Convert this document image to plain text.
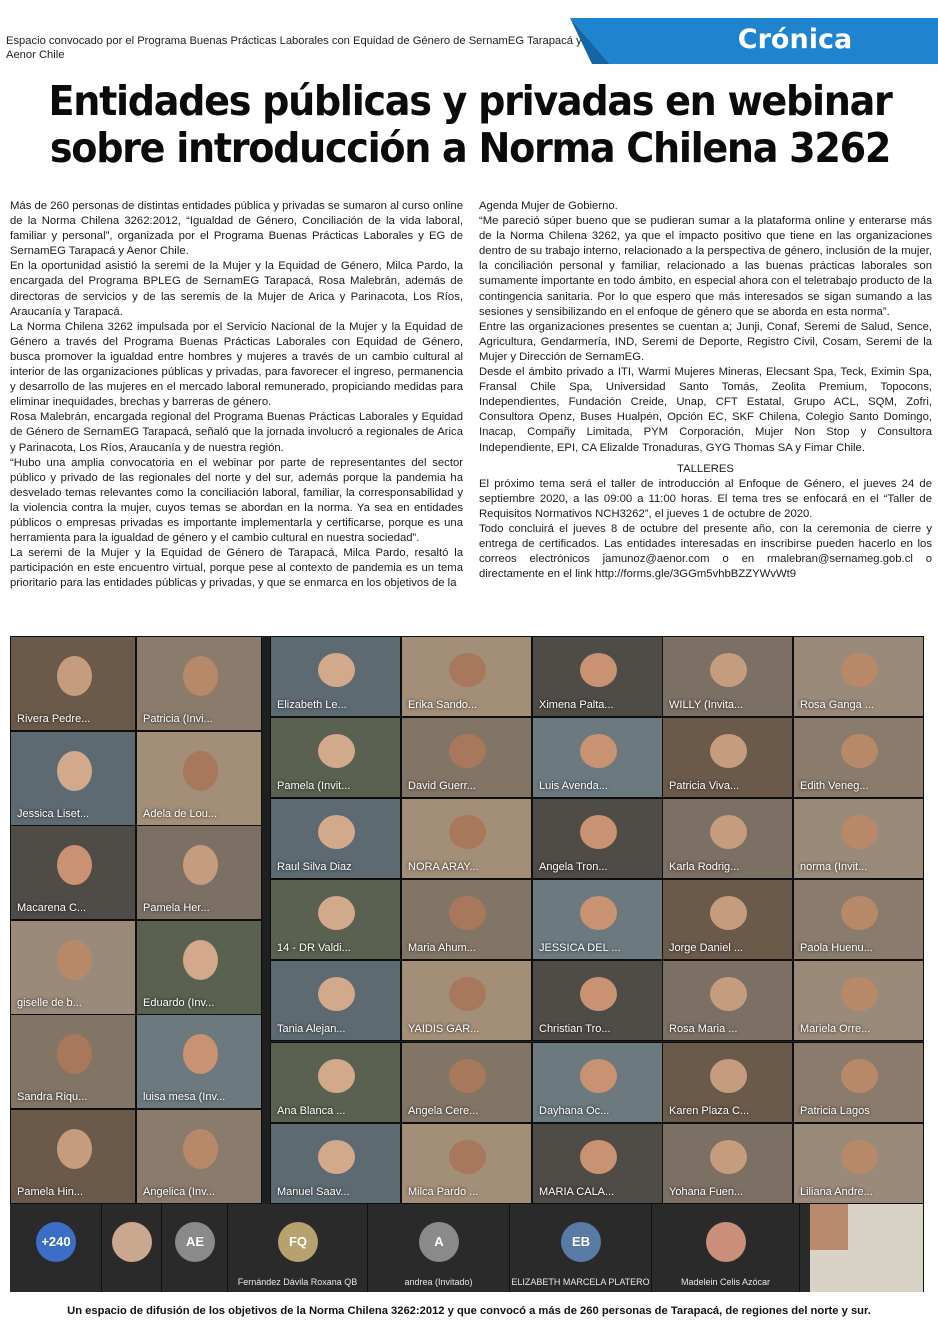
Espacio convocado por el Programa Buenas Prácticas Laborales con Equidad de Género de SernamEG Tarapacá y Aenor Chile	Crónica
Entidades públicas y privadas en webinar
sobre introducción a Norma Chilena 3262

Más de 260 personas de distintas entidades pública y privadas se sumaron al curso online de la Norma Chilena 3262:2012, “Igualdad de Género, Conciliación de la vida laboral, familiar y personal”, organizada por el Programa Buenas Prácticas Laborales y EG de SernamEG Tarapacá y Aenor Chile.

En la oportunidad asistió la seremi de la Mujer y la Equidad de Género, Milca Pardo, la encargada del Programa BPLEG de SernamEG Tarapacá, Rosa Malebrán, además de directoras de servicios y de las seremis de la Mujer de Arica y Parinacota, Los Ríos, Araucanía y Tarapacá.

La Norma Chilena 3262 impulsada por el Servicio Nacional de la Mujer y la Equidad de Género a través del Programa Buenas Prácticas Laborales con Equidad de Género, busca promover la igualdad entre hombres y mujeres a través de un cambio cultural al interior de las organizaciones públicas y privadas, para favorecer el ingreso, permanencia y desarrollo de las mujeres en el mercado laboral remunerado, propiciando medidas para eliminar inequidades, brechas y barreras de género.

Rosa Malebrán, encargada regional del Programa Buenas Prácticas Laborales y Equidad de Género de SernamEG Tarapacá, señaló que la jornada involucró a regionales de Arica y Parinacota, Los Ríos, Araucanía y de nuestra región.

“Hubo una amplia convocatoria en el webinar por parte de representantes del sector público y privado de las regionales del norte y del sur, además porque la pandemia ha desvelado temas relevantes como la conciliación laboral, familiar, la corresponsabilidad y la violencia contra la mujer, cuyos temas se abordan en la norma. Ya sea en entidades públicos o empresas privadas es importante implementarla y certificarse, porque es una herramienta para la igualdad de género y el cambio cultural en nuestra sociedad”.

La seremi de la Mujer y la Equidad de Género de Tarapacá, Milca Pardo, resaltó la participación en este encuentro virtual, porque pese al contexto de pandemia es un tema prioritario para las entidades públicas y privadas, y que se enmarca en los objetivos de la

Agenda Mujer de Gobierno.

“Me pareció súper bueno que se pudieran sumar a la plataforma online y enterarse más de la Norma Chilena 3262, ya que el impacto positivo que tiene en las organizaciones dentro de su trabajo interno, relacionado a la perspectiva de género, inclusión de la mujer, la conciliación personal y familiar, relacionado a las buenas prácticas laborales son sumamente importante en todo ámbito, en especial ahora con el teletrabajo producto de la contingencia sanitaria. Por lo que espero que más interesados se sigan sumando a las sesiones y sensibilizando en el enfoque de género que se aborda en esta norma”.

Entre las organizaciones presentes se cuentan a; Junji, Conaf, Seremi de Salud, Sence, Agricultura, Gendarmería, IND, Seremi de Deporte, Registro Civil, Cosam, Seremi de la Mujer y Dirección de SernamEG.

Desde el ámbito privado a ITI, Warmi Mujeres Mineras, Elecsant Spa, Teck, Eximin Spa, Fransal Chile Spa, Universidad Santo Tomás, Zeolita Premium, Topocons, Independientes, Fundación Creide, Unap, CFT Estatal, Grupo ACL, SQM, Zofri, Consultora Openz, Buses Hualpén, Opción EC, SKF Chilena, Colegio Santo Domingo, Inacap, Compañy Limitada, PYM Corporación, Mujer Non Stop y Consultora Independiente, EPI, CA Elizalde Tronaduras, GYG Thomas SA y Fimar Chile.

TALLERES

El próximo tema será el taller de introducción al Enfoque de Género, el jueves 24 de septiembre 2020, a las 09:00 a 11:00 horas. El tema tres se enfocará en el “Taller de Requisitos Normativos NCH3262”, el jueves 1 de octubre de 2020.

Todo concluirá el jueves 8 de octubre del presente año, con la ceremonia de cierre y entrega de certificados. Las entidades interesadas en inscribirse pueden hacerlo en los correos electrónicos jamunoz@aenor.com o en rmalebran@sernameg.gob.cl o directamente en el link http://forms.gle/3GGm5vhbBZZYWvWt9

+240	AE	FQ
Fernández Dávila Roxana QB
A
andrea (Invitado)
EB
ELIZABETH MARCELA PLATERO	Madelein Celis Azócar
Rivera Pedre...	Patricia (Invi...
Jessica Liset...	Adela de Lou...
Macarena C...	Pamela Her...
giselle de b...	Eduardo (Inv...
Sandra Riqu...	luisa mesa (Inv...
Pamela Hin...	Angelica (Inv...
Elizabeth Le...	Erika Sando...	Ximena Palta...	WILLY (Invita...	Rosa Ganga ...
Pamela (Invit...	David Guerr...	Luis Avenda...	Patricia Viva...	Edith Veneg...
Raul Silva Diaz	NORA ARAY...	Angela Tron...	Karla Rodrig...	norma (Invit...
14 - DR Valdi...	Maria Ahum...	JESSICA DEL ...	Jorge Daniel ...	Paola Huenu...
Tania Alejan...	YAIDIS GAR...	Christian Tro...	Rosa Maria ...	Mariela Orre...
Ana Blanca ...	Angela Cere...	Dayhana Oc...	Karen Plaza C...	Patricia Lagos
Manuel Saav...	Milca Pardo ...	MARIA CALA...	Yohana Fuen...	Liliana Andre...
Un espacio de difusión de los objetivos de la Norma Chilena 3262:2012 y que convocó a más de 260 personas de Tarapacá, de regiones del norte y sur.
